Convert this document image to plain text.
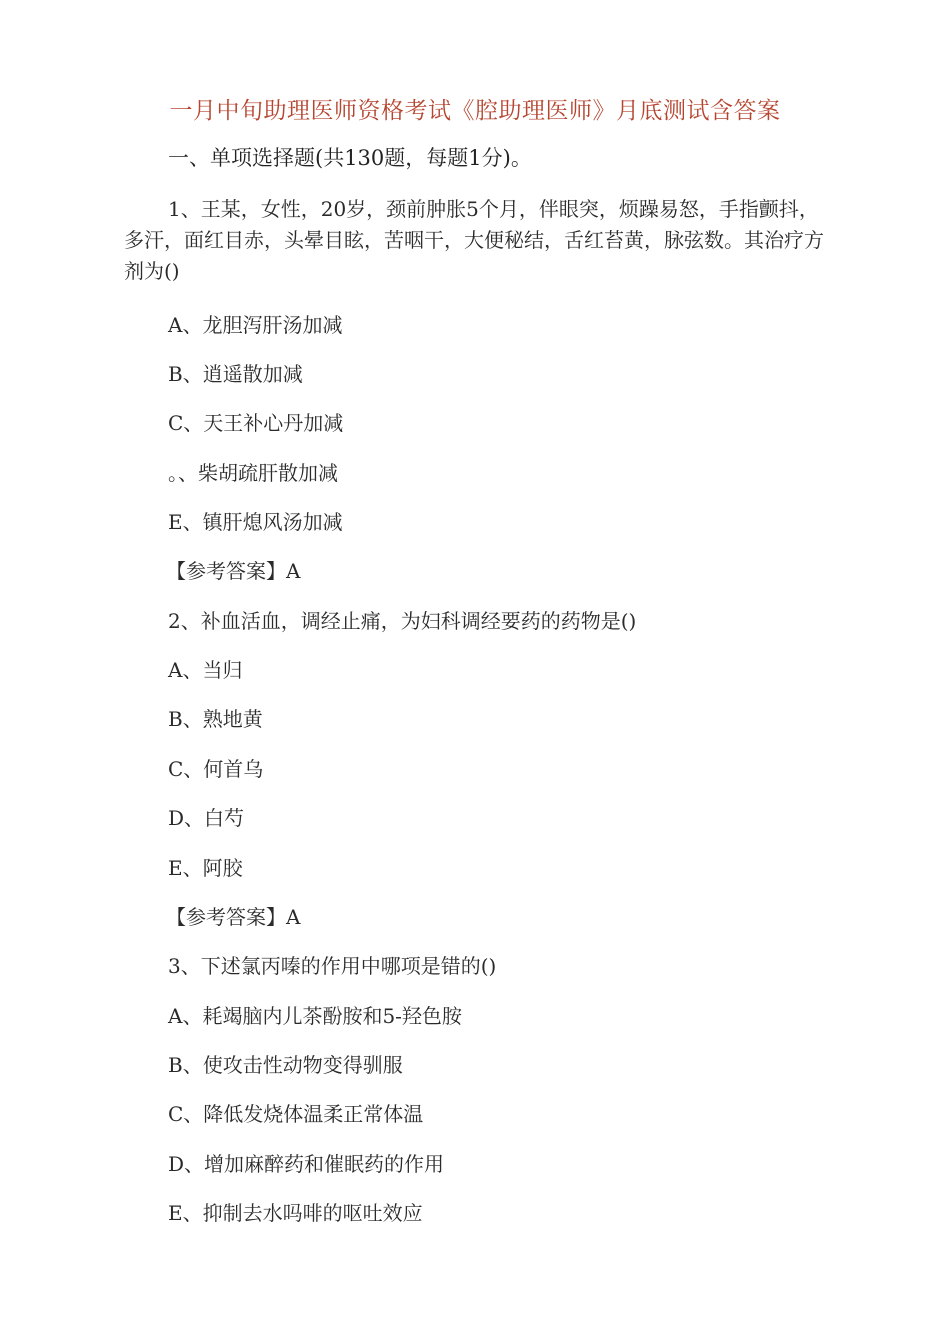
一月中旬助理医师资格考试《腔助理医师》月底测试含答案
一、单项选择题(共130题，每题1分)。
1、王某，女性，20岁，颈前肿胀5个月，伴眼突，烦躁易怒，手指颤抖，多汗，面红目赤，头晕目眩，苦咽干，大便秘结，舌红苔黄，脉弦数。其治疗方剂为()
A、龙胆泻肝汤加减
B、逍遥散加减
C、天王补心丹加减
。、柴胡疏肝散加减
E、镇肝熄风汤加减
【参考答案】A
2、补血活血，调经止痛，为妇科调经要药的药物是()
A、当归
B、熟地黄
C、何首乌
D、白芍
E、阿胶
【参考答案】A
3、下述氯丙嗪的作用中哪项是错的()
A、耗竭脑内儿茶酚胺和5-羟色胺
B、使攻击性动物变得驯服
C、降低发烧体温柔正常体温
D、增加麻醉药和催眠药的作用
E、抑制去水吗啡的呕吐效应
